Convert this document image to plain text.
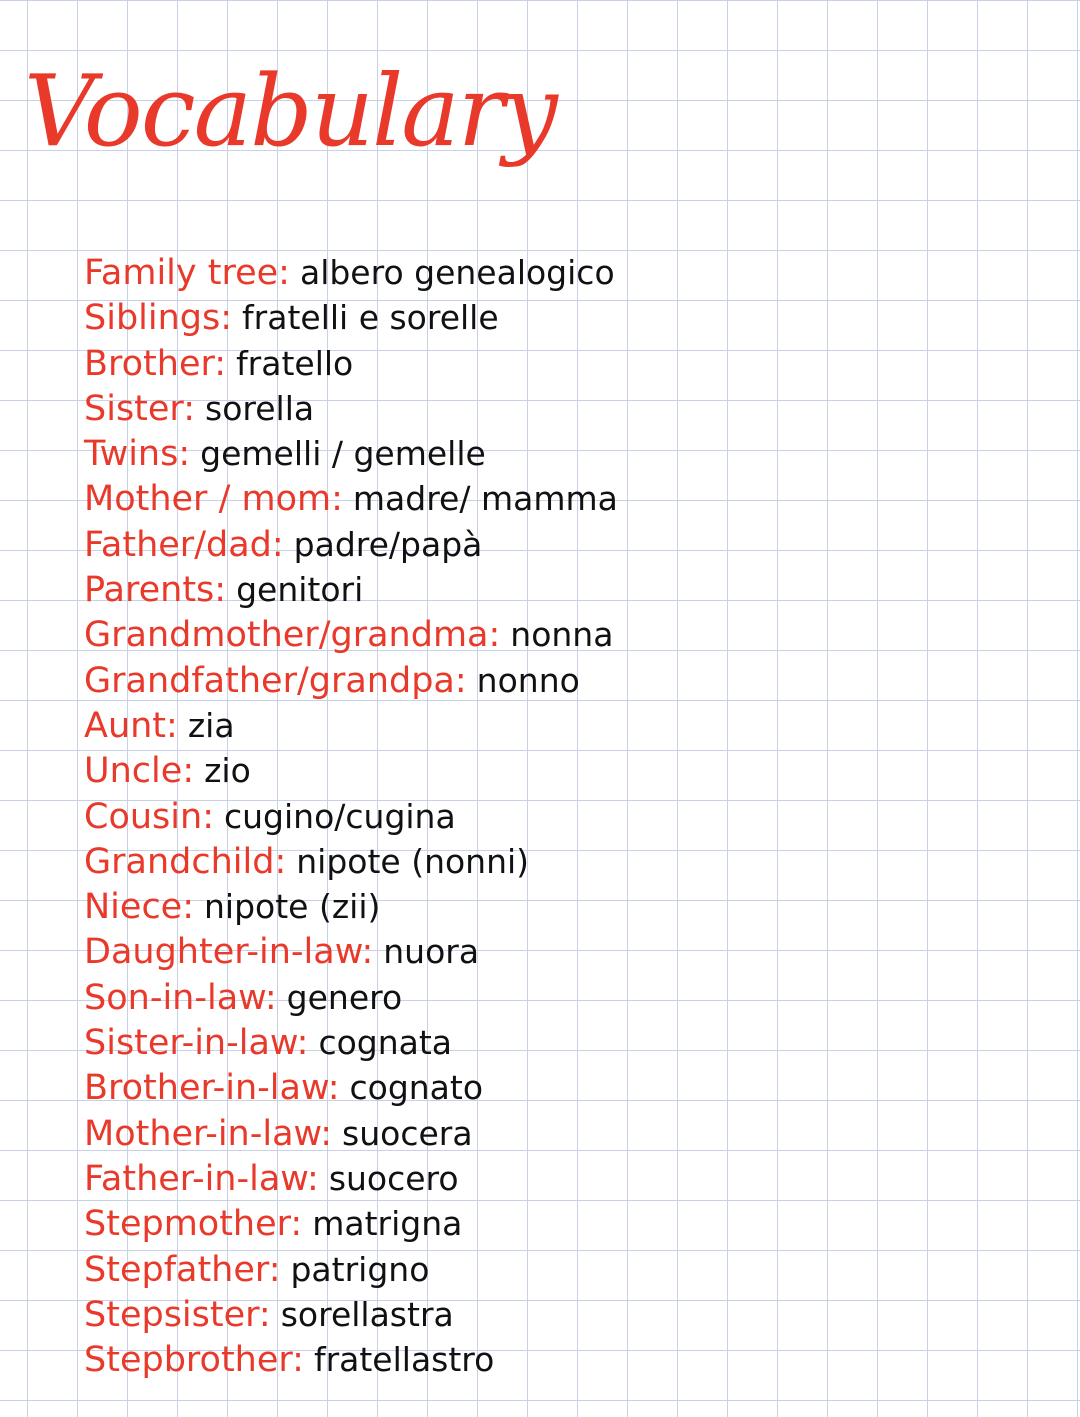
Vocabulary
Family tree: albero genealogico
Siblings: fratelli e sorelle
Brother: fratello
Sister: sorella
Twins: gemelli / gemelle
Mother / mom: madre/ mamma
Father/dad: padre/papà
Parents: genitori
Grandmother/grandma: nonna
Grandfather/grandpa: nonno
Aunt: zia
Uncle: zio
Cousin: cugino/cugina
Grandchild: nipote (nonni)
Niece: nipote (zii)
Daughter-in-law: nuora
Son-in-law: genero
Sister-in-law: cognata
Brother-in-law: cognato
Mother-in-law: suocera
Father-in-law: suocero
Stepmother: matrigna
Stepfather: patrigno
Stepsister: sorellastra
Stepbrother: fratellastro
